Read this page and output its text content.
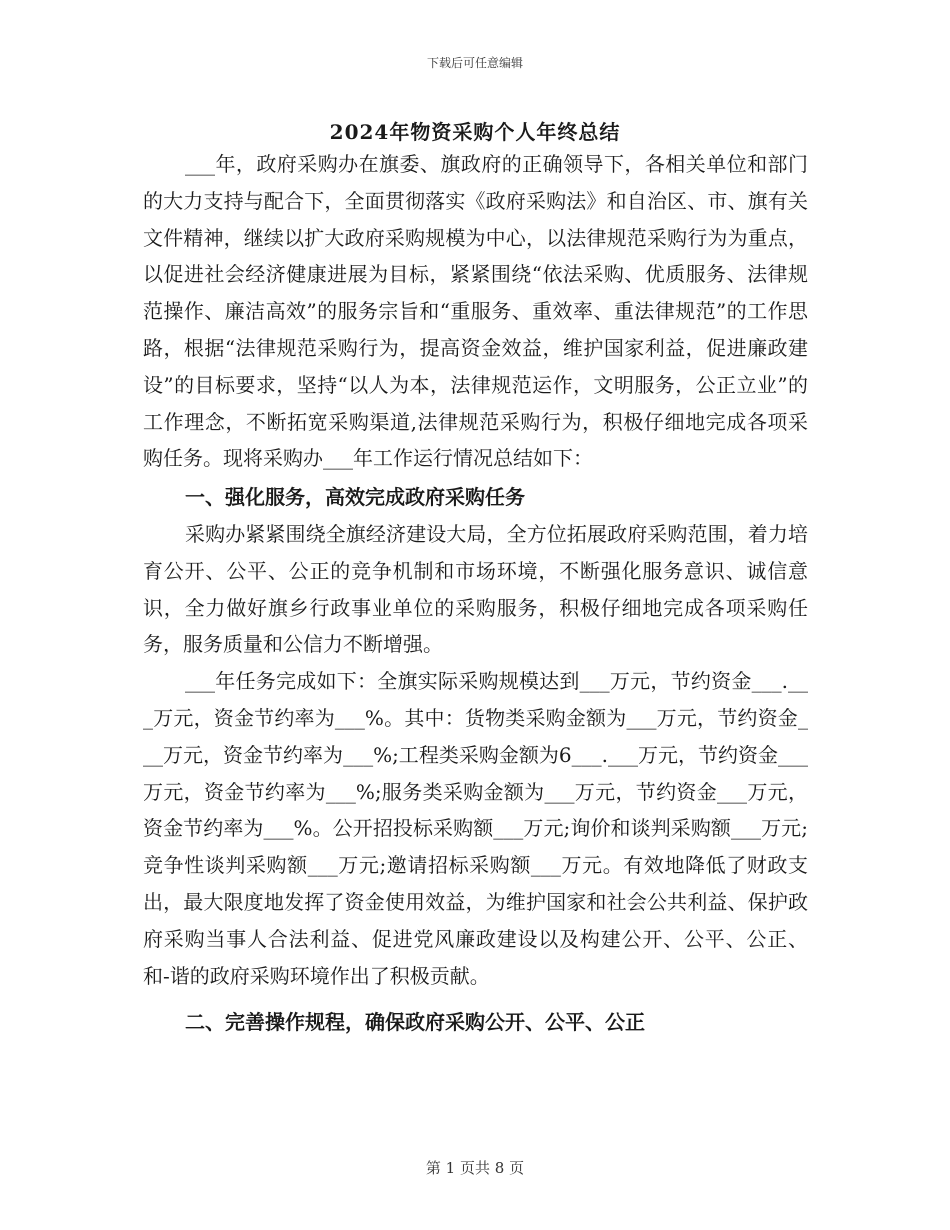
下载后可任意编辑
2024年物资采购个人年终总结

___年，政府采购办在旗委、旗政府的正确领导下，各相关单位和部门的大力支持与配合下，全面贯彻落实《政府采购法》和自治区、市、旗有关文件精神，继续以扩大政府采购规模为中心，以法律规范采购行为为重点，以促进社会经济健康进展为目标，紧紧围绕“依法采购、优质服务、法律规范操作、廉洁高效”的服务宗旨和“重服务、重效率、重法律规范”的工作思路，根据“法律规范采购行为，提高资金效益，维护国家利益，促进廉政建设”的目标要求，坚持“以人为本，法律规范运作，文明服务，公正立业”的工作理念，不断拓宽采购渠道,法律规范采购行为，积极仔细地完成各项采购任务。现将采购办___年工作运行情况总结如下：

一、强化服务，高效完成政府采购任务

采购办紧紧围绕全旗经济建设大局，全方位拓展政府采购范围，着力培育公开、公平、公正的竞争机制和市场环境，不断强化服务意识、诚信意识，全力做好旗乡行政事业单位的采购服务，积极仔细地完成各项采购任务，服务质量和公信力不断增强。

___年任务完成如下：全旗实际采购规模达到___万元，节约资金___.___万元，资金节约率为___%。其中：货物类采购金额为___万元，节约资金___万元，资金节约率为___%;工程类采购金额为6___.___万元，节约资金___万元，资金节约率为___%;服务类采购金额为___万元，节约资金___万元，资金节约率为___%。公开招投标采购额___万元;询价和谈判采购额___万元;竞争性谈判采购额___万元;邀请招标采购额___万元。有效地降低了财政支出，最大限度地发挥了资金使用效益，为维护国家和社会公共利益、保护政府采购当事人合法利益、促进党风廉政建设以及构建公开、公平、公正、和-谐的政府采购环境作出了积极贡献。

二、完善操作规程，确保政府采购公开、公平、公正

第 1 页共 8 页
